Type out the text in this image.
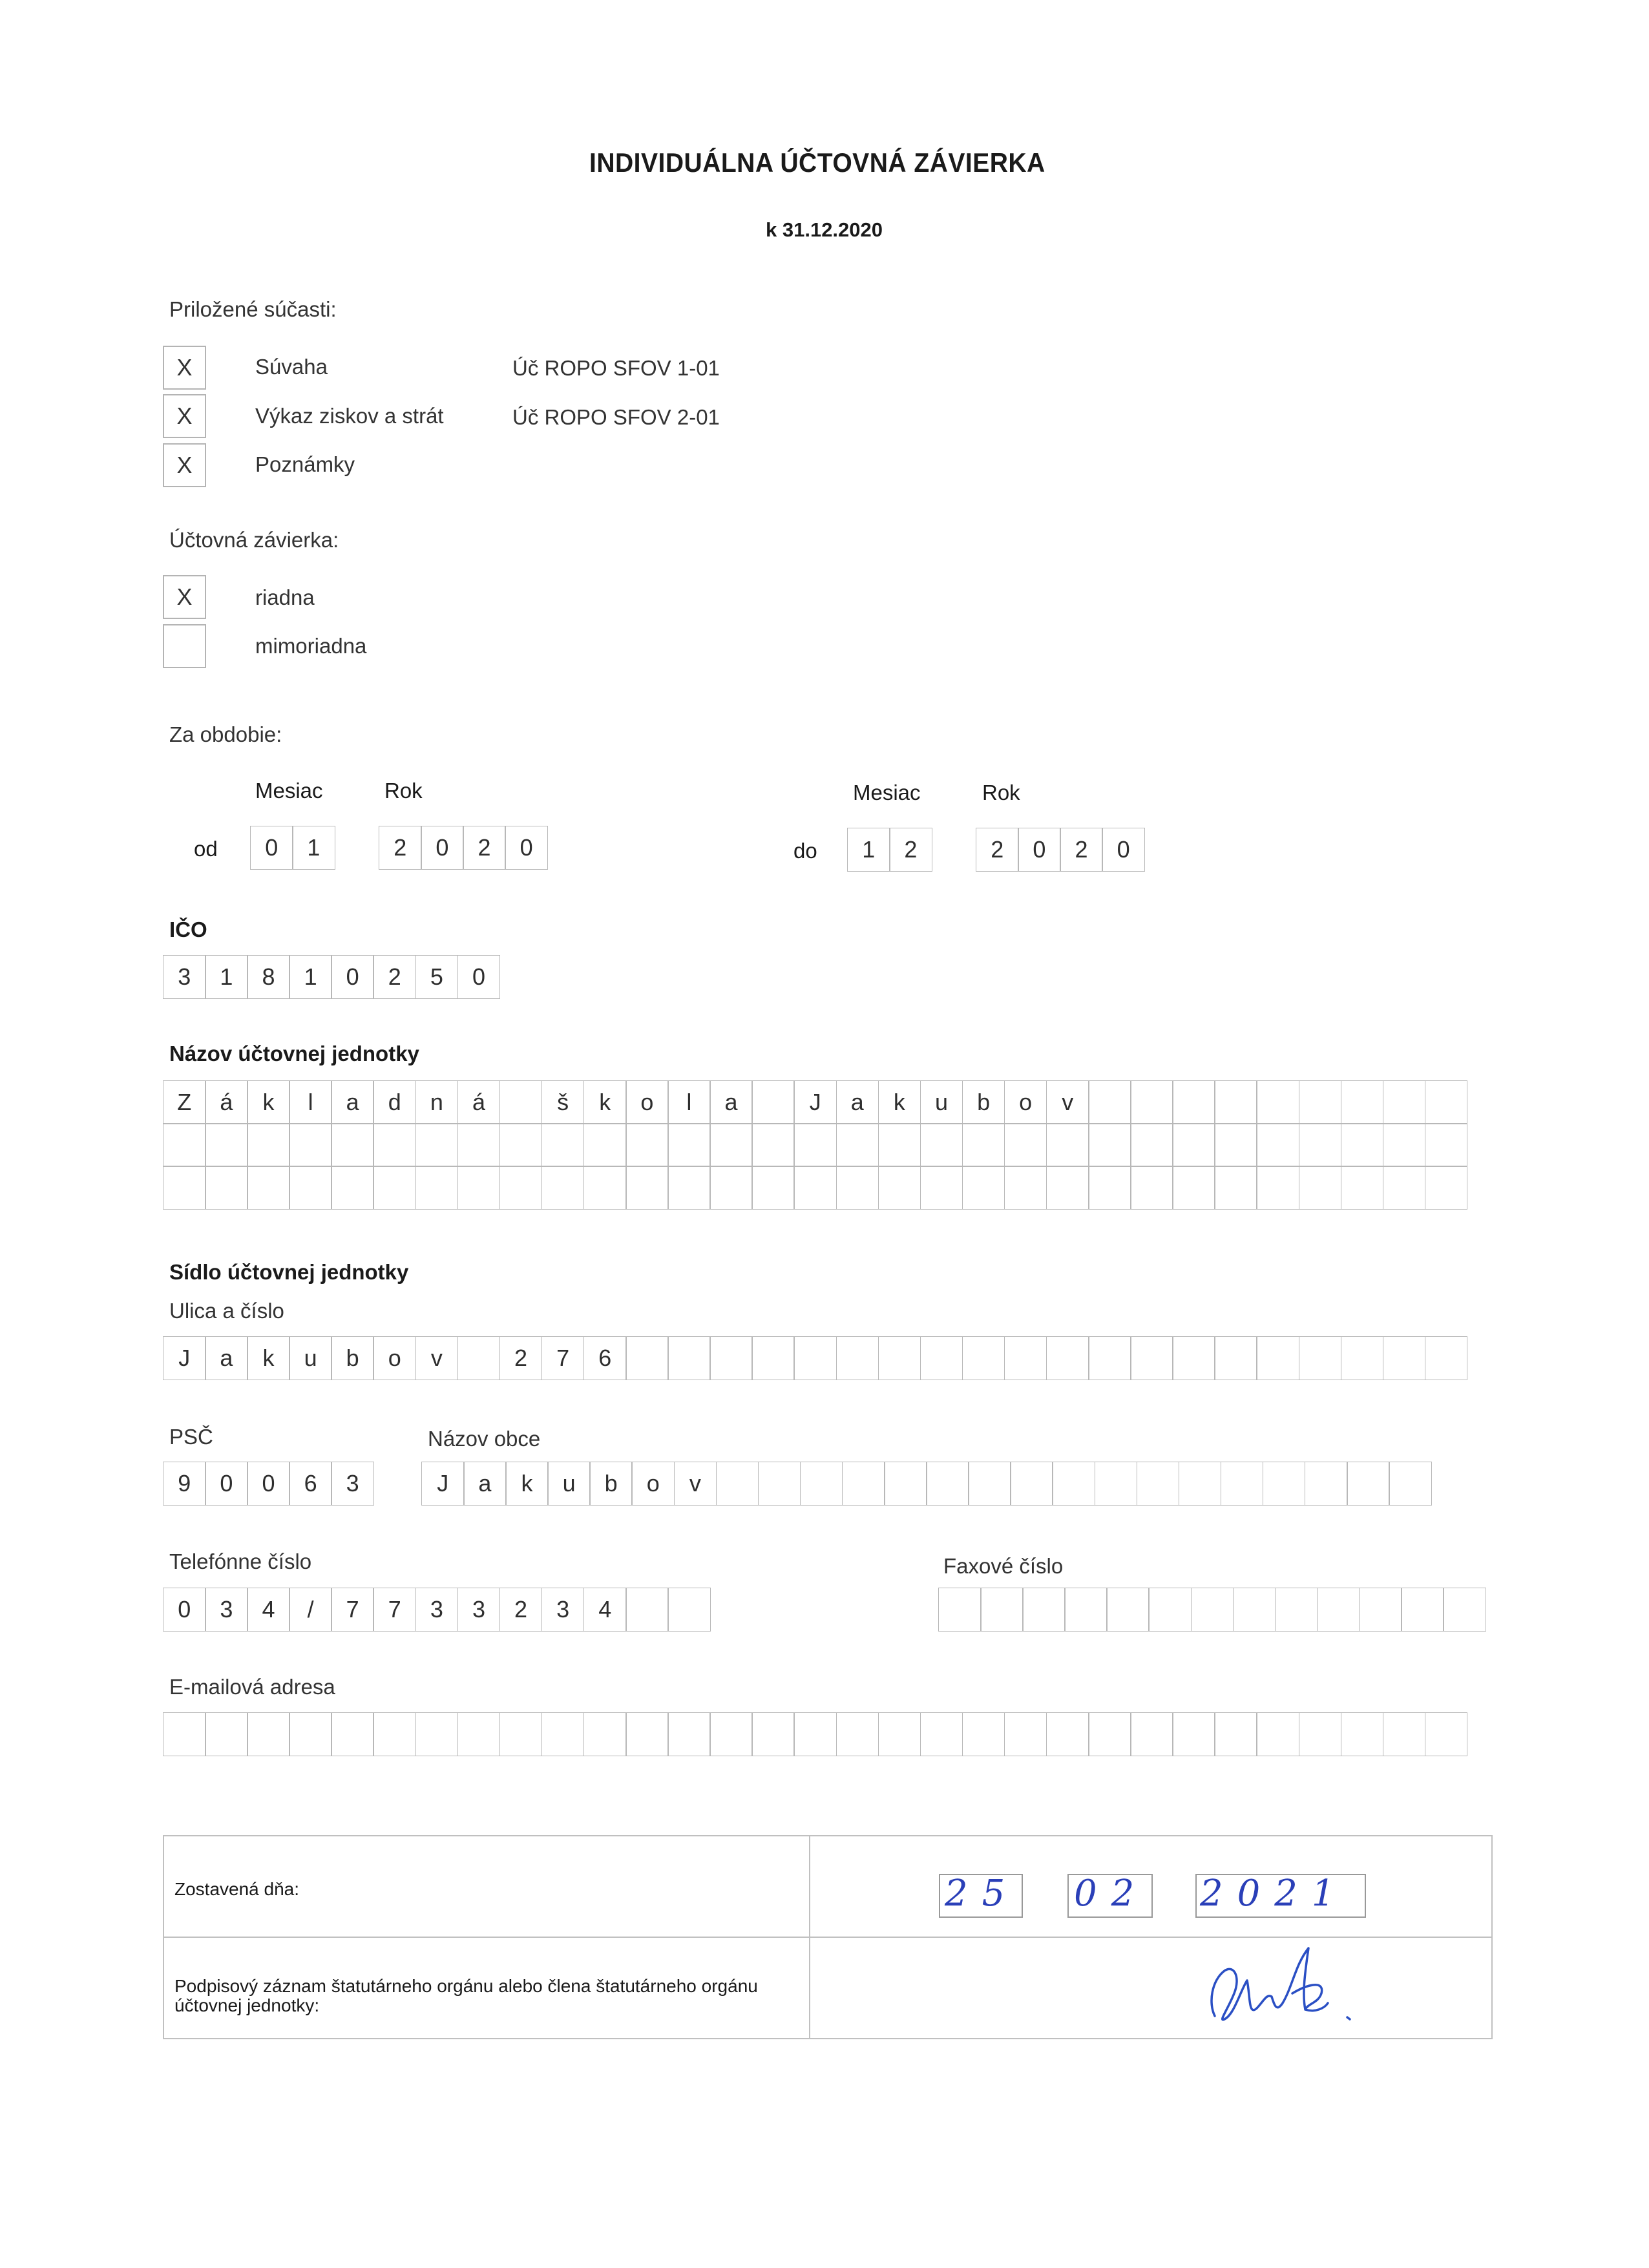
INDIVIDUÁLNA ÚČTOVNÁ ZÁVIERKA
k 31.12.2020
Priložené súčasti:
X	Súvaha	Úč ROPO SFOV 1-01
X	Výkaz ziskov a strát	Úč ROPO SFOV 2-01
X	Poznámky
Účtovná závierka:
X	riadna
mimoriadna
Za obdobie:
Mesiac	Rok	Mesiac	Rok
od	0	1	2	0	2	0	do	1	2	2	0	2	0
IČO
3	1	8	1	0	2	5	0
Názov účtovnej jednotky
Z	á	k	l	a	d	n	á	š	k	o	l	a	J	a	k	u	b	o	v
Sídlo účtovnej jednotky
Ulica a číslo
J	a	k	u	b	o	v	2	7	6
PSČ	Názov obce
9	0	0	6	3	J	a	k	u	b	o	v
Telefónne číslo	Faxové číslo
0	3	4	/	7	7	3	3	2	3	4
E-mailová adresa
Zostavená dňa:	25 02 2021
Podpisový záznam štatutárneho orgánu alebo člena štatutárneho orgánu
účtovnej jednotky:
